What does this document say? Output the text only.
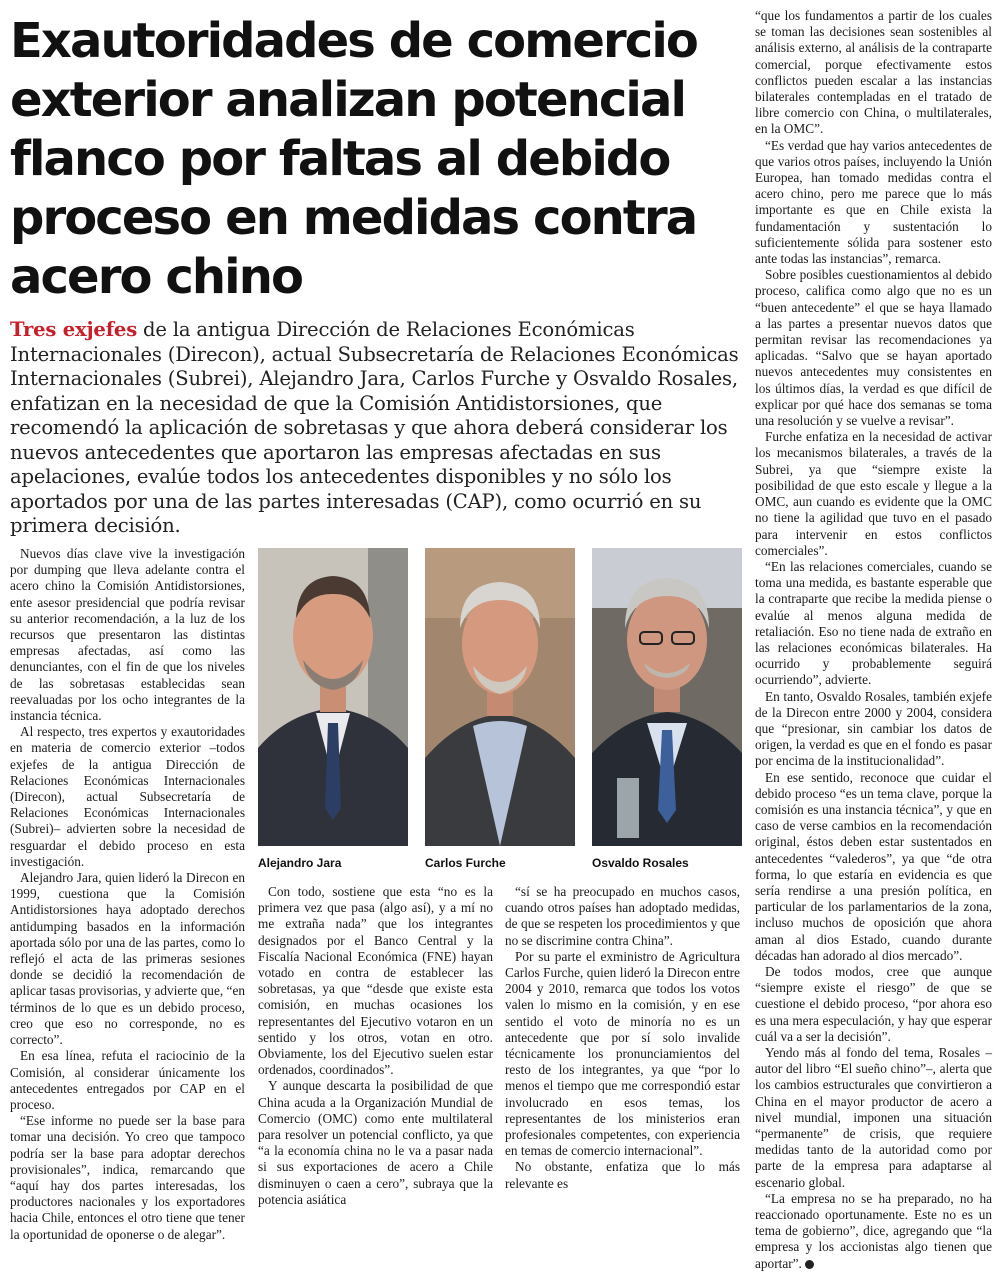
Exautoridades de comercio exterior analizan potencial flanco por faltas al debido proceso en medidas contra acero chino

Tres exjefes de la antigua Dirección de Relaciones Económicas Internacionales (Direcon), actual Subsecretaría de Relaciones Económicas Internacionales (Subrei), Alejandro Jara, Carlos Furche y Osvaldo Rosales, enfatizan en la necesidad de que la Comisión Antidistorsiones, que recomendó la aplicación de sobretasas y que ahora deberá considerar los nuevos antecedentes que aportaron las empresas afectadas en sus apelaciones, evalúe todos los antecedentes disponibles y no sólo los aportados por una de las partes interesadas (CAP), como ocurrió en su primera decisión.

Nuevos días clave vive la investigación por dumping que lleva adelante contra el acero chino la Comisión Antidistorsiones, ente asesor presidencial que podría revisar su anterior recomendación, a la luz de los recursos que presentaron las distintas empresas afectadas, así como las denunciantes, con el fin de que los niveles de las sobretasas establecidas sean reevaluadas por los ocho integrantes de la instancia técnica.

Al respecto, tres expertos y exautoridades en materia de comercio exterior –todos exjefes de la antigua Dirección de Relaciones Económicas Internacionales (Direcon), actual Subsecretaría de Relaciones Económicas Internacionales (Subrei)– advierten sobre la necesidad de resguardar el debido proceso en esta investigación.

Alejandro Jara, quien lideró la Direcon en 1999, cuestiona que la Comisión Antidistorsiones haya adoptado derechos antidumping basados en la información aportada sólo por una de las partes, como lo reflejó el acta de las primeras sesiones donde se decidió la recomendación de aplicar tasas provisorias, y advierte que, “en términos de lo que es un debido proceso, creo que eso no corresponde, no es correcto”.

En esa línea, refuta el raciocinio de la Comisión, al considerar únicamente los antecedentes entregados por CAP en el proceso.

“Ese informe no puede ser la base para tomar una decisión. Yo creo que tampoco podría ser la base para adoptar derechos provisionales”, indica, remarcando que “aquí hay dos partes interesadas, los productores nacionales y los exportadores hacia Chile, entonces el otro tiene que tener la oportunidad de oponerse o de alegar”.

Alejandro Jara	Carlos Furche	Osvaldo Rosales

Con todo, sostiene que esta “no es la primera vez que pasa (algo así), y a mí no me extraña nada” que los integrantes designados por el Banco Central y la Fiscalía Nacional Económica (FNE) hayan votado en contra de establecer las sobretasas, ya que “desde que existe esta comisión, en muchas ocasiones los representantes del Ejecutivo votaron en un sentido y los otros, votan en otro. Obviamente, los del Ejecutivo suelen estar ordenados, coordinados”.

Y aunque descarta la posibilidad de que China acuda a la Organización Mundial de Comercio (OMC) como ente multilateral para resolver un potencial conflicto, ya que “a la economía china no le va a pasar nada si sus exportaciones de acero a Chile disminuyen o caen a cero”, subraya que la potencia asiática

“sí se ha preocupado en muchos casos, cuando otros países han adoptado medidas, de que se respeten los procedimientos y que no se discrimine contra China”.

Por su parte el exministro de Agricultura Carlos Furche, quien lideró la Direcon entre 2004 y 2010, remarca que todos los votos valen lo mismo en la comisión, y en ese sentido el voto de minoría no es un antecedente que por sí solo invalide técnicamente los pronunciamientos del resto de los integrantes, ya que “por lo menos el tiempo que me correspondió estar involucrado en esos temas, los representantes de los ministerios eran profesionales competentes, con experiencia en temas de comercio internacional”.

No obstante, enfatiza que lo más relevante es

“que los fundamentos a partir de los cuales se toman las decisiones sean sostenibles al análisis externo, al análisis de la contraparte comercial, porque efectivamente estos conflictos pueden escalar a las instancias bilaterales contempladas en el tratado de libre comercio con China, o multilaterales, en la OMC”.

“Es verdad que hay varios antecedentes de que varios otros países, incluyendo la Unión Europea, han tomado medidas contra el acero chino, pero me parece que lo más importante es que en Chile exista la fundamentación y sustentación lo suficientemente sólida para sostener esto ante todas las instancias”, remarca.

Sobre posibles cuestionamientos al debido proceso, califica como algo que no es un “buen antecedente” el que se haya llamado a las partes a presentar nuevos datos que permitan revisar las recomendaciones ya aplicadas. “Salvo que se hayan aportado nuevos antecedentes muy consistentes en los últimos días, la verdad es que difícil de explicar por qué hace dos semanas se toma una resolución y se vuelve a revisar”.

Furche enfatiza en la necesidad de activar los mecanismos bilaterales, a través de la Subrei, ya que “siempre existe la posibilidad de que esto escale y llegue a la OMC, aun cuando es evidente que la OMC no tiene la agilidad que tuvo en el pasado para intervenir en estos conflictos comerciales”.

“En las relaciones comerciales, cuando se toma una medida, es bastante esperable que la contraparte que recibe la medida piense o evalúe al menos alguna medida de retaliación. Eso no tiene nada de extraño en las relaciones económicas bilaterales. Ha ocurrido y probablemente seguirá ocurriendo”, advierte.

En tanto, Osvaldo Rosales, también exjefe de la Direcon entre 2000 y 2004, considera que “presionar, sin cambiar los datos de origen, la verdad es que en el fondo es pasar por encima de la institucionalidad”.

En ese sentido, reconoce que cuidar el debido proceso “es un tema clave, porque la comisión es una instancia técnica”, y que en caso de verse cambios en la recomendación original, éstos deben estar sustentados en antecedentes “valederos”, ya que “de otra forma, lo que estaría en evidencia es que sería rendirse a una presión política, en particular de los parlamentarios de la zona, incluso muchos de oposición que ahora aman al dios Estado, cuando durante décadas han adorado al dios mercado”.

De todos modos, cree que aunque “siempre existe el riesgo” de que se cuestione el debido proceso, “por ahora eso es una mera especulación, y hay que esperar cuál va a ser la decisión”.

Yendo más al fondo del tema, Rosales –autor del libro “El sueño chino”–, alerta que los cambios estructurales que convirtieron a China en el mayor productor de acero a nivel mundial, imponen una situación “permanente” de crisis, que requiere medidas tanto de la autoridad como por parte de la empresa para adaptarse al escenario global.

“La empresa no se ha preparado, no ha reaccionado oportunamente. Este no es un tema de gobierno”, dice, agregando que “la empresa y los accionistas algo tienen que aportar”.
